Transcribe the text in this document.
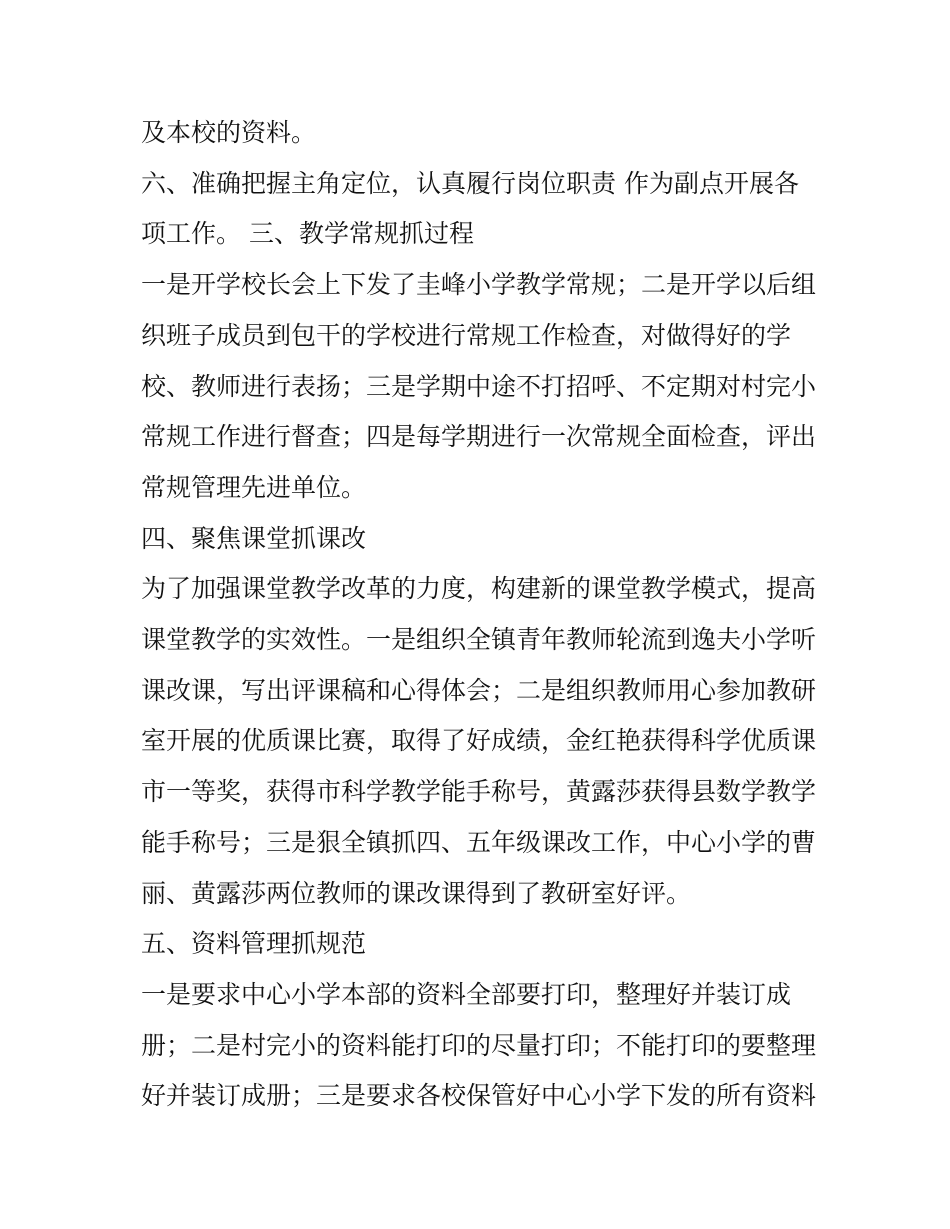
及本校的资料。

六、准确把握主角定位，认真履行岗位职责 作为副点开展各

项工作。 三、教学常规抓过程

一是开学校长会上下发了圭峰小学教学常规；二是开学以后组

织班子成员到包干的学校进行常规工作检查，对做得好的学

校、教师进行表扬；三是学期中途不打招呼、不定期对村完小

常规工作进行督查；四是每学期进行一次常规全面检查，评出

常规管理先进单位。

四、聚焦课堂抓课改

为了加强课堂教学改革的力度，构建新的课堂教学模式，提高

课堂教学的实效性。一是组织全镇青年教师轮流到逸夫小学听

课改课，写出评课稿和心得体会；二是组织教师用心参加教研

室开展的优质课比赛，取得了好成绩，金红艳获得科学优质课

市一等奖，获得市科学教学能手称号，黄露莎获得县数学教学

能手称号；三是狠全镇抓四、五年级课改工作，中心小学的曹

丽、黄露莎两位教师的课改课得到了教研室好评。

五、资料管理抓规范

一是要求中心小学本部的资料全部要打印，整理好并装订成

册；二是村完小的资料能打印的尽量打印；不能打印的要整理

好并装订成册；三是要求各校保管好中心小学下发的所有资料
